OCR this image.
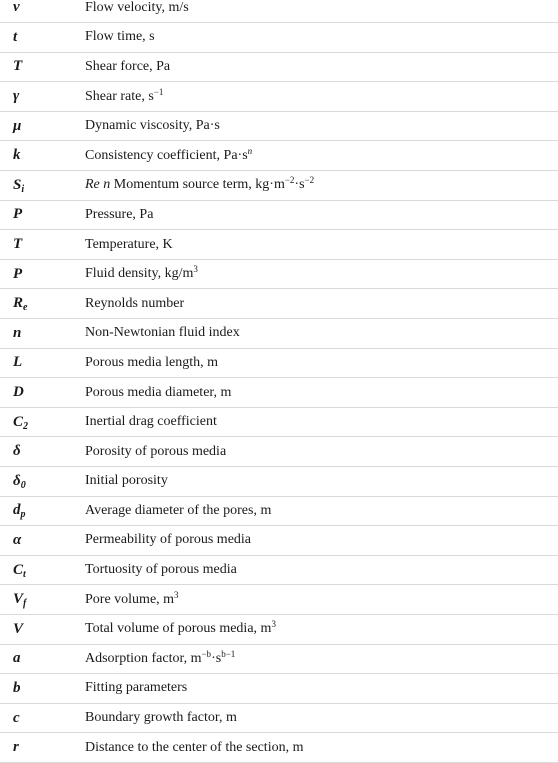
v	Flow velocity, m/s
t	Flow time, s
T	Shear force, Pa
γ	Shear rate, $s^{-1}$
μ	Dynamic viscosity, Pa·s
k	Consistency coefficient, $Pa\cdot s^n$
$S_i$	Re n Momentum source term, $kg\cdot m^{-2}\cdot s^{-2}$
P	Pressure, Pa
T	Temperature, K
P	Fluid density, $kg/m^3$
$R_e$	Reynolds number
n	Non-Newtonian fluid index
L	Porous media length, m
D	Porous media diameter, m
$C_2$	Inertial drag coefficient
δ	Porosity of porous media
$\delta_0$	Initial porosity
$d_p$	Average diameter of the pores, m
α	Permeability of porous media
$C_t$	Tortuosity of porous media
$V_f$	Pore volume, $m^3$
V	Total volume of porous media, $m^3$
a	Adsorption factor, $m^{-b}\cdot s^{b-1}$
b	Fitting parameters
c	Boundary growth factor, m
r	Distance to the center of the section, m
